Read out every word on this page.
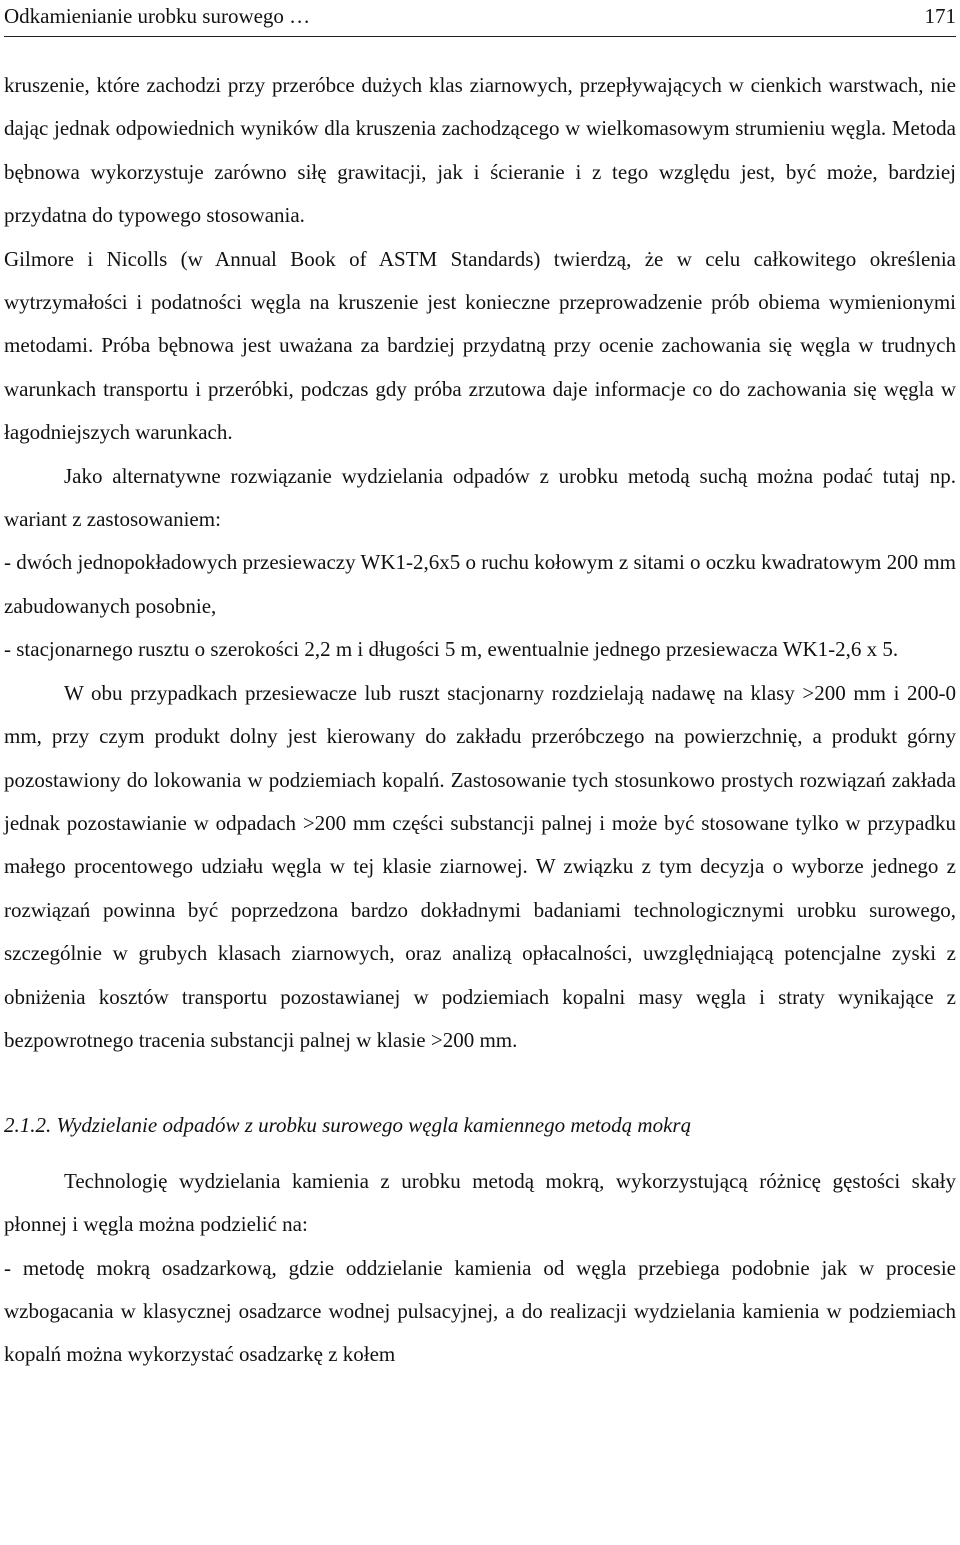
Odkamienianie urobku surowego …	171

kruszenie, które zachodzi przy przeróbce dużych klas ziarnowych, przepływających w cienkich warstwach, nie dając jednak odpowiednich wyników dla kruszenia zachodzącego w wielkomasowym strumieniu węgla. Metoda bębnowa wykorzystuje zarówno siłę grawitacji, jak i ścieranie i z tego względu jest, być może, bardziej przydatna do typowego stosowania.

Gilmore i Nicolls (w Annual Book of ASTM Standards) twierdzą, że w celu całkowitego określenia wytrzymałości i podatności węgla na kruszenie jest konieczne przeprowadzenie prób obiema wymienionymi metodami. Próba bębnowa jest uważana za bardziej przydatną przy ocenie zachowania się węgla w trudnych warunkach transportu i przeróbki, podczas gdy próba zrzutowa daje informacje co do zachowania się węgla w łagodniejszych warunkach.

Jako alternatywne rozwiązanie wydzielania odpadów z urobku metodą suchą można podać tutaj np. wariant z zastosowaniem:

- dwóch jednopokładowych przesiewaczy WK1-2,6x5 o ruchu kołowym z sitami o oczku kwadratowym 200 mm zabudowanych posobnie,

- stacjonarnego rusztu o szerokości 2,2 m i długości 5 m, ewentualnie jednego przesiewacza WK1-2,6 x 5.

W obu przypadkach przesiewacze lub ruszt stacjonarny rozdzielają nadawę na klasy >200 mm i 200-0 mm, przy czym produkt dolny jest kierowany do zakładu przeróbczego na powierzchnię, a produkt górny pozostawiony do lokowania w podziemiach kopalń. Zastosowanie tych stosunkowo prostych rozwiązań zakłada jednak pozostawianie w odpadach >200 mm części substancji palnej i może być stosowane tylko w przypadku małego procentowego udziału węgla w tej klasie ziarnowej. W związku z tym decyzja o wyborze jednego z rozwiązań powinna być poprzedzona bardzo dokładnymi badaniami technologicznymi urobku surowego, szczególnie w grubych klasach ziarnowych, oraz analizą opłacalności, uwzględniającą potencjalne zyski z obniżenia kosztów transportu pozostawianej w podziemiach kopalni masy węgla i straty wynikające z bezpowrotnego tracenia substancji palnej w klasie >200 mm.

2.1.2. Wydzielanie odpadów z urobku surowego węgla kamiennego metodą mokrą

Technologię wydzielania kamienia z urobku metodą mokrą, wykorzystującą różnicę gęstości skały płonnej i węgla można podzielić na:

- metodę mokrą osadzarkową, gdzie oddzielanie kamienia od węgla przebiega podobnie jak w procesie wzbogacania w klasycznej osadzarce wodnej pulsacyjnej, a do realizacji wydzielania kamienia w podziemiach kopalń można wykorzystać osadzarkę z kołem
